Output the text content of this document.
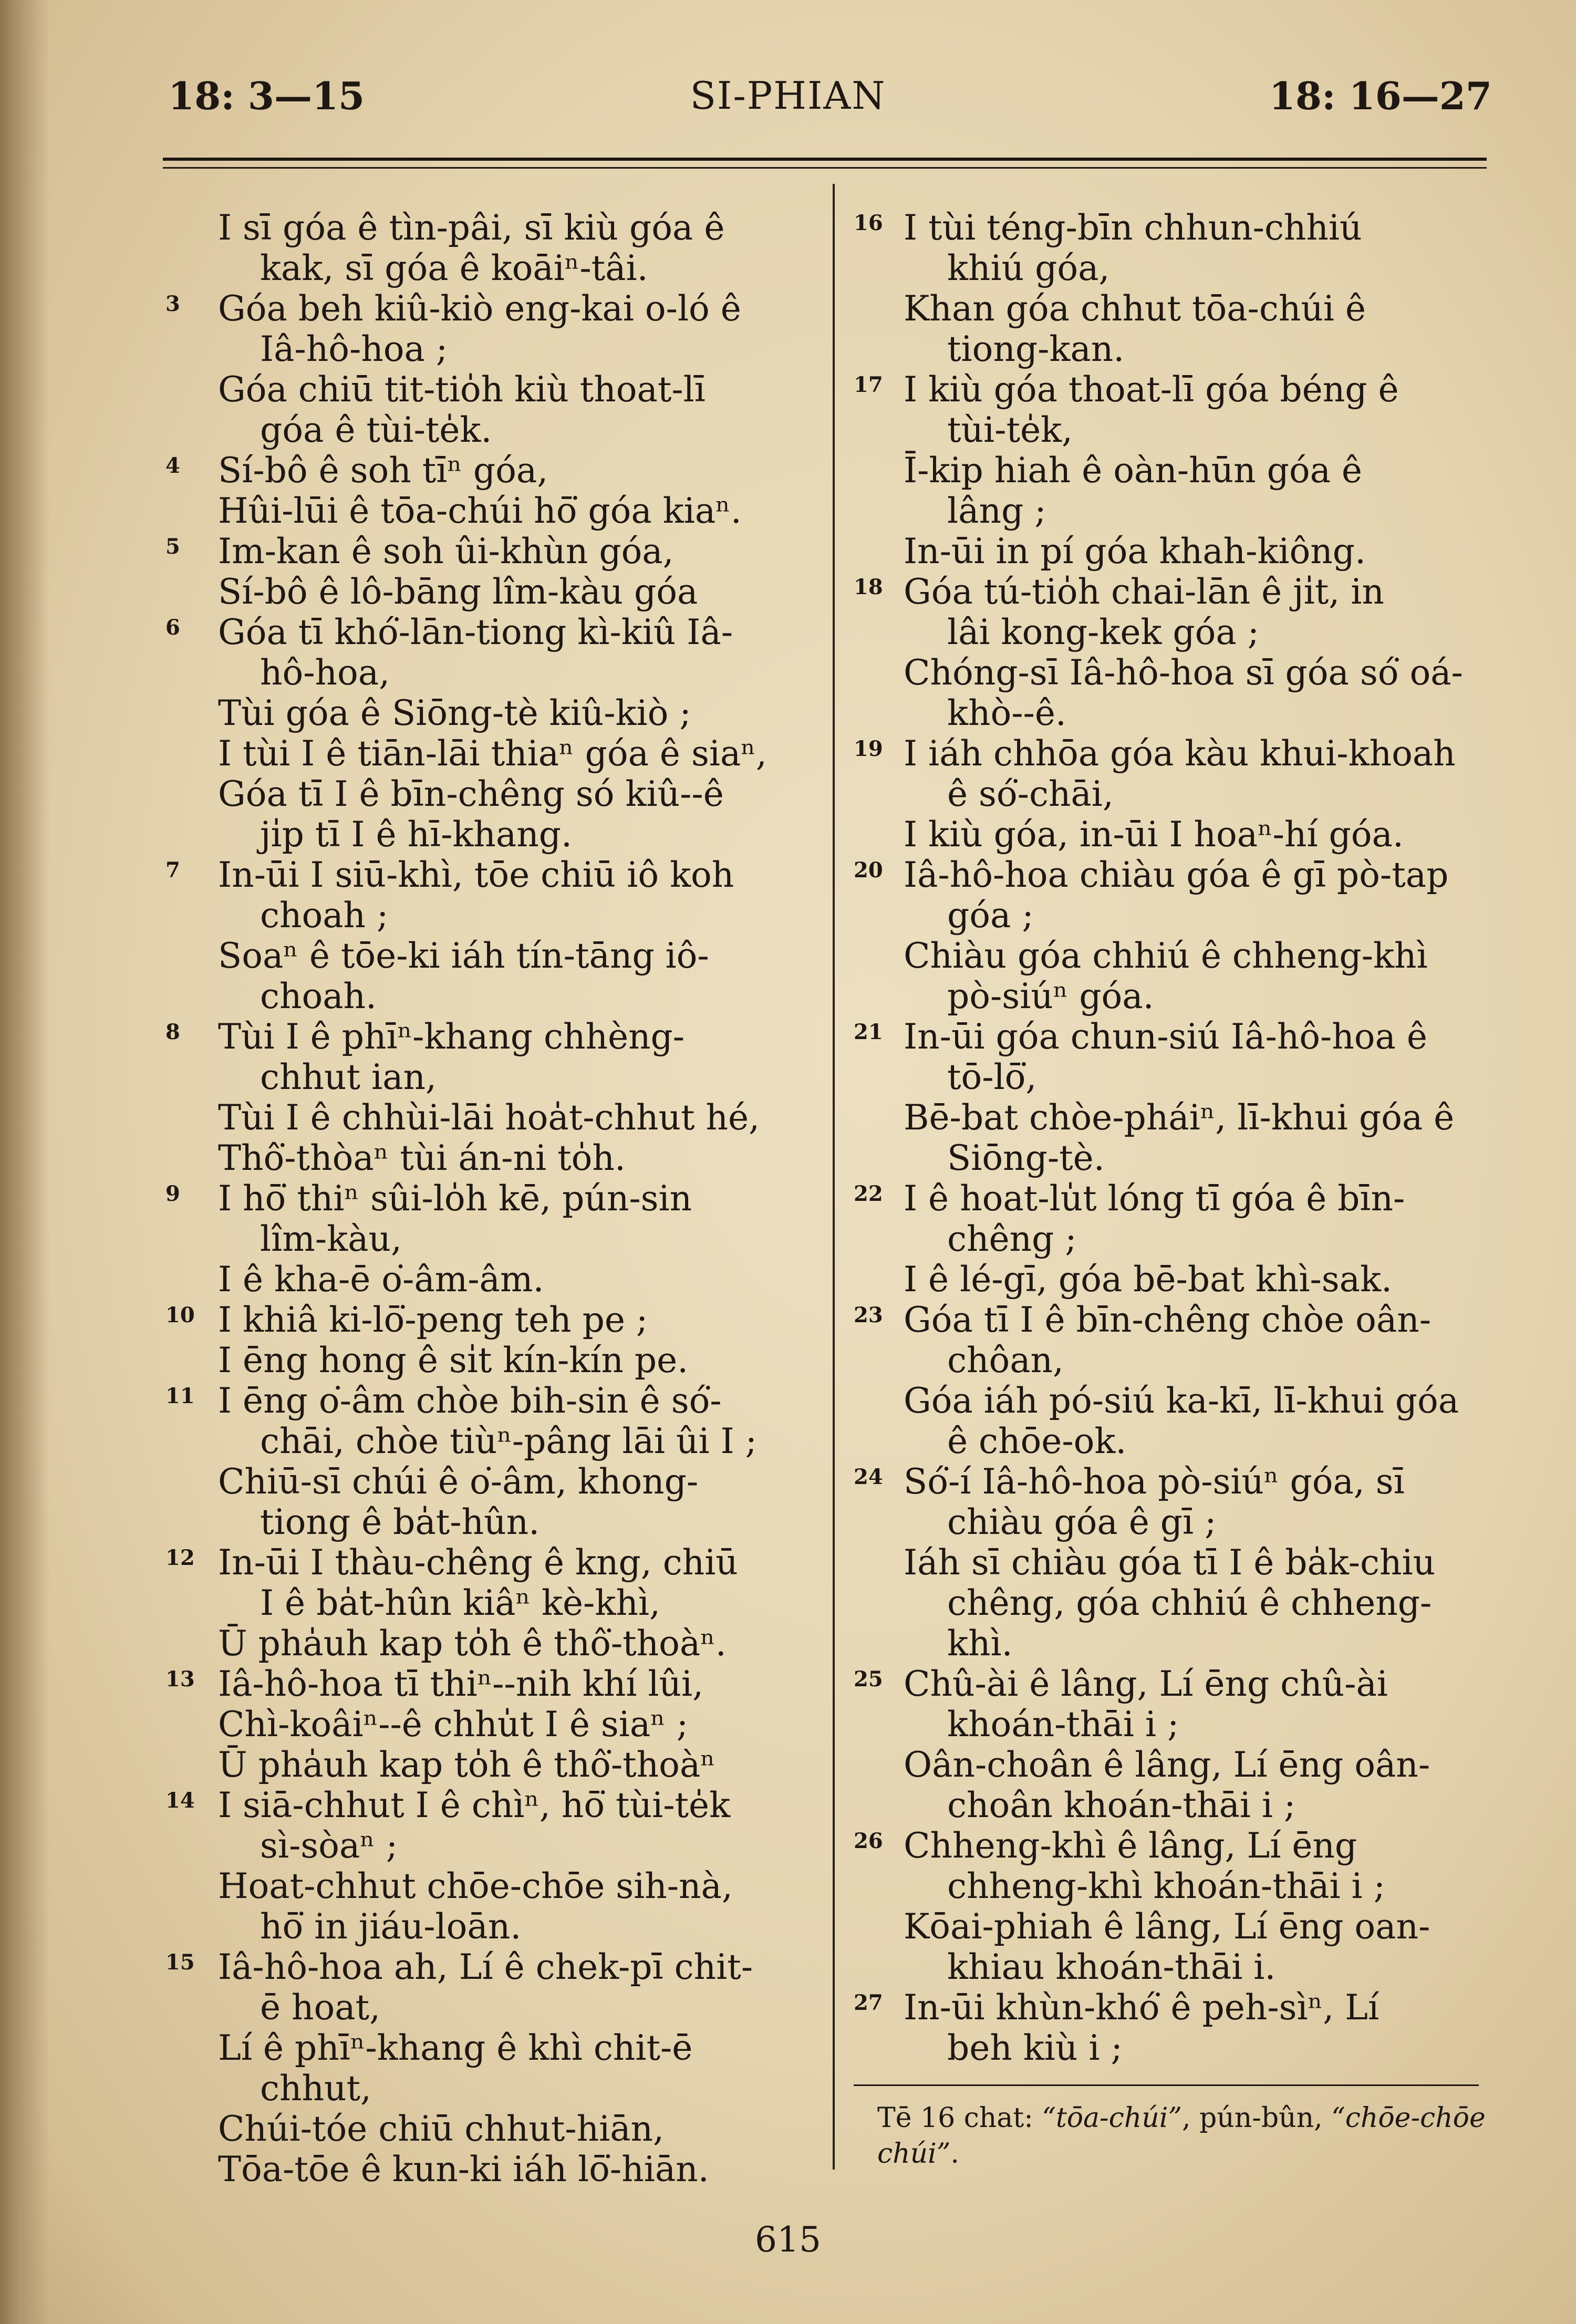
18: 3—15	SI-PHIAN	18: 16—27
I sī góa ê tìn-pâi, sī kiù góa ê
kak, sī góa ê koāiⁿ-tâi.
3 Góa beh kiû-kiò eng-kai o-ló ê
Iâ-hô-hoa ;
Góa chiū tit-tio̍h kiù thoat-lī
góa ê tùi-te̍k.
4 Sí-bô ê soh tīⁿ góa,
Hûi-lūi ê tōa-chúi hō͘ góa kiaⁿ.
5 Im-kan ê soh ûi-khùn góa,
Sí-bô ê lô-bāng lîm-kàu góa
6 Góa tī khó͘-lān-tiong kì-kiû Iâ-
hô-hoa,
Tùi góa ê Siōng-tè kiû-kiò ;
I tùi I ê tiān-lāi thiaⁿ góa ê siaⁿ,
Góa tī I ê bīn-chêng só kiû--ê
ji̍p tī I ê hī-khang.
7 In-ūi I siū-khì, tōe chiū iô koh
choah ;
Soaⁿ ê tōe-ki iáh tín-tāng iô-
choah.
8 Tùi I ê phīⁿ-khang chhèng-
chhut ian,
Tùi I ê chhùi-lāi hoa̍t-chhut hé,
Thô͘-thòaⁿ tùi án-ni to̍h.
9 I hō͘ thiⁿ sûi-lo̍h kē, pún-sin
lîm-kàu,
I ê kha-ē o͘-âm-âm.
10 I khiâ ki-lō͘-peng teh pe ;
I ēng hong ê si̍t kín-kín pe.
11 I ēng o͘-âm chòe bih-sin ê só͘-
chāi, chòe tiùⁿ-pâng lāi ûi I ;
Chiū-sī chúi ê o͘-âm, khong-
tiong ê ba̍t-hûn.
12 In-ūi I thàu-chêng ê kng, chiū
I ê ba̍t-hûn kiâⁿ kè-khì,
Ū pha̍uh kap to̍h ê thô͘-thoàⁿ.
13 Iâ-hô-hoa tī thiⁿ--nih khí lûi,
Chì-koâiⁿ--ê chhu̍t I ê siaⁿ ;
Ū pha̍uh kap to̍h ê thô͘-thoàⁿ
14 I siā-chhut I ê chìⁿ, hō͘ tùi-te̍k
sì-sòaⁿ ;
Hoat-chhut chōe-chōe sih-nà,
hō͘ in jiáu-loān.
15 Iâ-hô-hoa ah, Lí ê chek-pī chit-
ē hoat,
Lí ê phīⁿ-khang ê khì chit-ē
chhut,
Chúi-tóe chiū chhut-hiān,
Tōa-tōe ê kun-ki iáh lō͘-hiān.
16 I tùi téng-bīn chhun-chhiú
khiú góa,
Khan góa chhut tōa-chúi ê
tiong-kan.
17 I kiù góa thoat-lī góa béng ê
tùi-te̍k,
Ī-kip hiah ê oàn-hūn góa ê
lâng ;
In-ūi in pí góa khah-kiông.
18 Góa tú-tio̍h chai-lān ê ji̍t, in
lâi kong-kek góa ;
Chóng-sī Iâ-hô-hoa sī góa só͘ oá-
khò--ê.
19 I iáh chhōa góa kàu khui-khoah
ê só͘-chāi,
I kiù góa, in-ūi I hoaⁿ-hí góa.
20 Iâ-hô-hoa chiàu góa ê gī pò-tap
góa ;
Chiàu góa chhiú ê chheng-khì
pò-siúⁿ góa.
21 In-ūi góa chun-siú Iâ-hô-hoa ê
tō-lō͘,
Bē-bat chòe-pháiⁿ, lī-khui góa ê
Siōng-tè.
22 I ê hoat-lu̍t lóng tī góa ê bīn-
chêng ;
I ê lé-gī, góa bē-bat khì-sak.
23 Góa tī I ê bīn-chêng chòe oân-
chôan,
Góa iáh pó-siú ka-kī, lī-khui góa
ê chōe-ok.
24 Só͘-í Iâ-hô-hoa pò-siúⁿ góa, sī
chiàu góa ê gī ;
Iáh sī chiàu góa tī I ê ba̍k-chiu
chêng, góa chhiú ê chheng-
khì.
25 Chû-ài ê lâng, Lí ēng chû-ài
khoán-thāi i ;
Oân-choân ê lâng, Lí ēng oân-
choân khoán-thāi i ;
26 Chheng-khì ê lâng, Lí ēng
chheng-khì khoán-thāi i ;
Kōai-phiah ê lâng, Lí ēng oan-
khiau khoán-thāi i.
27 In-ūi khùn-khó͘ ê peh-sìⁿ, Lí
beh kiù i ;
Tē 16 chat: “tōa-chúi”, pún-bûn, “chōe-chōe chúi”.
615
